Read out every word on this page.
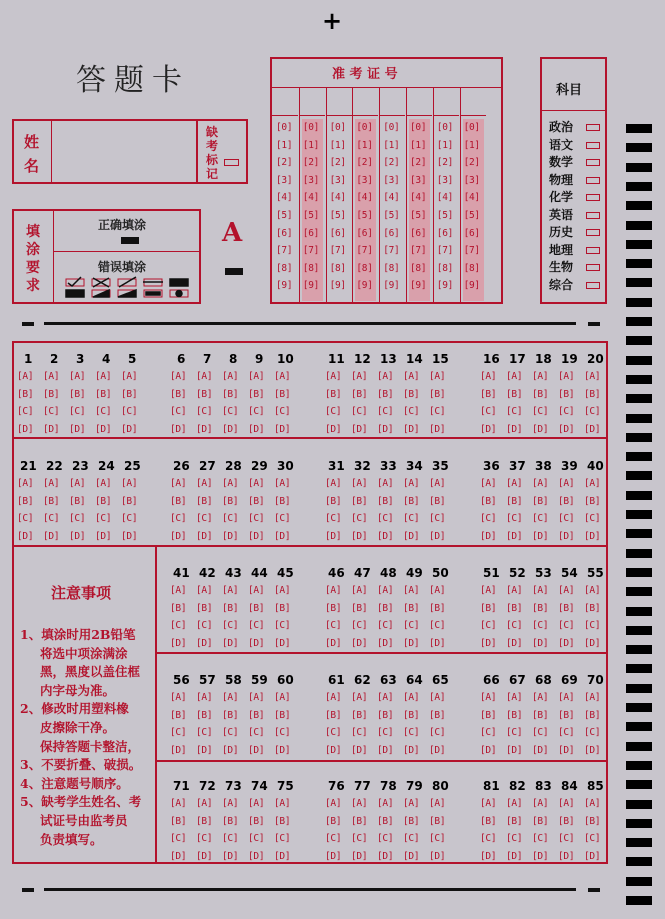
+
答题卡
姓
名
缺
考
标
记
填
涂
要
求
正确填涂
错误填涂
A
准 考 证 号
[0]
[1]
[2]
[3]
[4]
[5]
[6]
[7]
[8]
[9]
[0]
[1]
[2]
[3]
[4]
[5]
[6]
[7]
[8]
[9]
[0]
[1]
[2]
[3]
[4]
[5]
[6]
[7]
[8]
[9]
[0]
[1]
[2]
[3]
[4]
[5]
[6]
[7]
[8]
[9]
[0]
[1]
[2]
[3]
[4]
[5]
[6]
[7]
[8]
[9]
[0]
[1]
[2]
[3]
[4]
[5]
[6]
[7]
[8]
[9]
[0]
[1]
[2]
[3]
[4]
[5]
[6]
[7]
[8]
[9]
[0]
[1]
[2]
[3]
[4]
[5]
[6]
[7]
[8]
[9]
科目
政治
语文
数学
物理
化学
英语
历史
地理
生物
综合
注意事项
1、填涂时用2B铅笔
将选中项涂满涂
黑，黑度以盖住框
内字母为准。
2、修改时用塑料橡
皮擦除干净。
保持答题卡整洁，
3、不要折叠、破损。
4、注意题号顺序。
5、缺考学生姓名、考
试证号由监考员
负责填写。
1
[A]
[B]
[C]
[D]
2
[A]
[B]
[C]
[D]
3
[A]
[B]
[C]
[D]
4
[A]
[B]
[C]
[D]
5
[A]
[B]
[C]
[D]
6
[A]
[B]
[C]
[D]
7
[A]
[B]
[C]
[D]
8
[A]
[B]
[C]
[D]
9
[A]
[B]
[C]
[D]
10
[A]
[B]
[C]
[D]
11
[A]
[B]
[C]
[D]
12
[A]
[B]
[C]
[D]
13
[A]
[B]
[C]
[D]
14
[A]
[B]
[C]
[D]
15
[A]
[B]
[C]
[D]
16
[A]
[B]
[C]
[D]
17
[A]
[B]
[C]
[D]
18
[A]
[B]
[C]
[D]
19
[A]
[B]
[C]
[D]
20
[A]
[B]
[C]
[D]
21
[A]
[B]
[C]
[D]
22
[A]
[B]
[C]
[D]
23
[A]
[B]
[C]
[D]
24
[A]
[B]
[C]
[D]
25
[A]
[B]
[C]
[D]
26
[A]
[B]
[C]
[D]
27
[A]
[B]
[C]
[D]
28
[A]
[B]
[C]
[D]
29
[A]
[B]
[C]
[D]
30
[A]
[B]
[C]
[D]
31
[A]
[B]
[C]
[D]
32
[A]
[B]
[C]
[D]
33
[A]
[B]
[C]
[D]
34
[A]
[B]
[C]
[D]
35
[A]
[B]
[C]
[D]
36
[A]
[B]
[C]
[D]
37
[A]
[B]
[C]
[D]
38
[A]
[B]
[C]
[D]
39
[A]
[B]
[C]
[D]
40
[A]
[B]
[C]
[D]
41
[A]
[B]
[C]
[D]
42
[A]
[B]
[C]
[D]
43
[A]
[B]
[C]
[D]
44
[A]
[B]
[C]
[D]
45
[A]
[B]
[C]
[D]
46
[A]
[B]
[C]
[D]
47
[A]
[B]
[C]
[D]
48
[A]
[B]
[C]
[D]
49
[A]
[B]
[C]
[D]
50
[A]
[B]
[C]
[D]
51
[A]
[B]
[C]
[D]
52
[A]
[B]
[C]
[D]
53
[A]
[B]
[C]
[D]
54
[A]
[B]
[C]
[D]
55
[A]
[B]
[C]
[D]
56
[A]
[B]
[C]
[D]
57
[A]
[B]
[C]
[D]
58
[A]
[B]
[C]
[D]
59
[A]
[B]
[C]
[D]
60
[A]
[B]
[C]
[D]
61
[A]
[B]
[C]
[D]
62
[A]
[B]
[C]
[D]
63
[A]
[B]
[C]
[D]
64
[A]
[B]
[C]
[D]
65
[A]
[B]
[C]
[D]
66
[A]
[B]
[C]
[D]
67
[A]
[B]
[C]
[D]
68
[A]
[B]
[C]
[D]
69
[A]
[B]
[C]
[D]
70
[A]
[B]
[C]
[D]
71
[A]
[B]
[C]
[D]
72
[A]
[B]
[C]
[D]
73
[A]
[B]
[C]
[D]
74
[A]
[B]
[C]
[D]
75
[A]
[B]
[C]
[D]
76
[A]
[B]
[C]
[D]
77
[A]
[B]
[C]
[D]
78
[A]
[B]
[C]
[D]
79
[A]
[B]
[C]
[D]
80
[A]
[B]
[C]
[D]
81
[A]
[B]
[C]
[D]
82
[A]
[B]
[C]
[D]
83
[A]
[B]
[C]
[D]
84
[A]
[B]
[C]
[D]
85
[A]
[B]
[C]
[D]
